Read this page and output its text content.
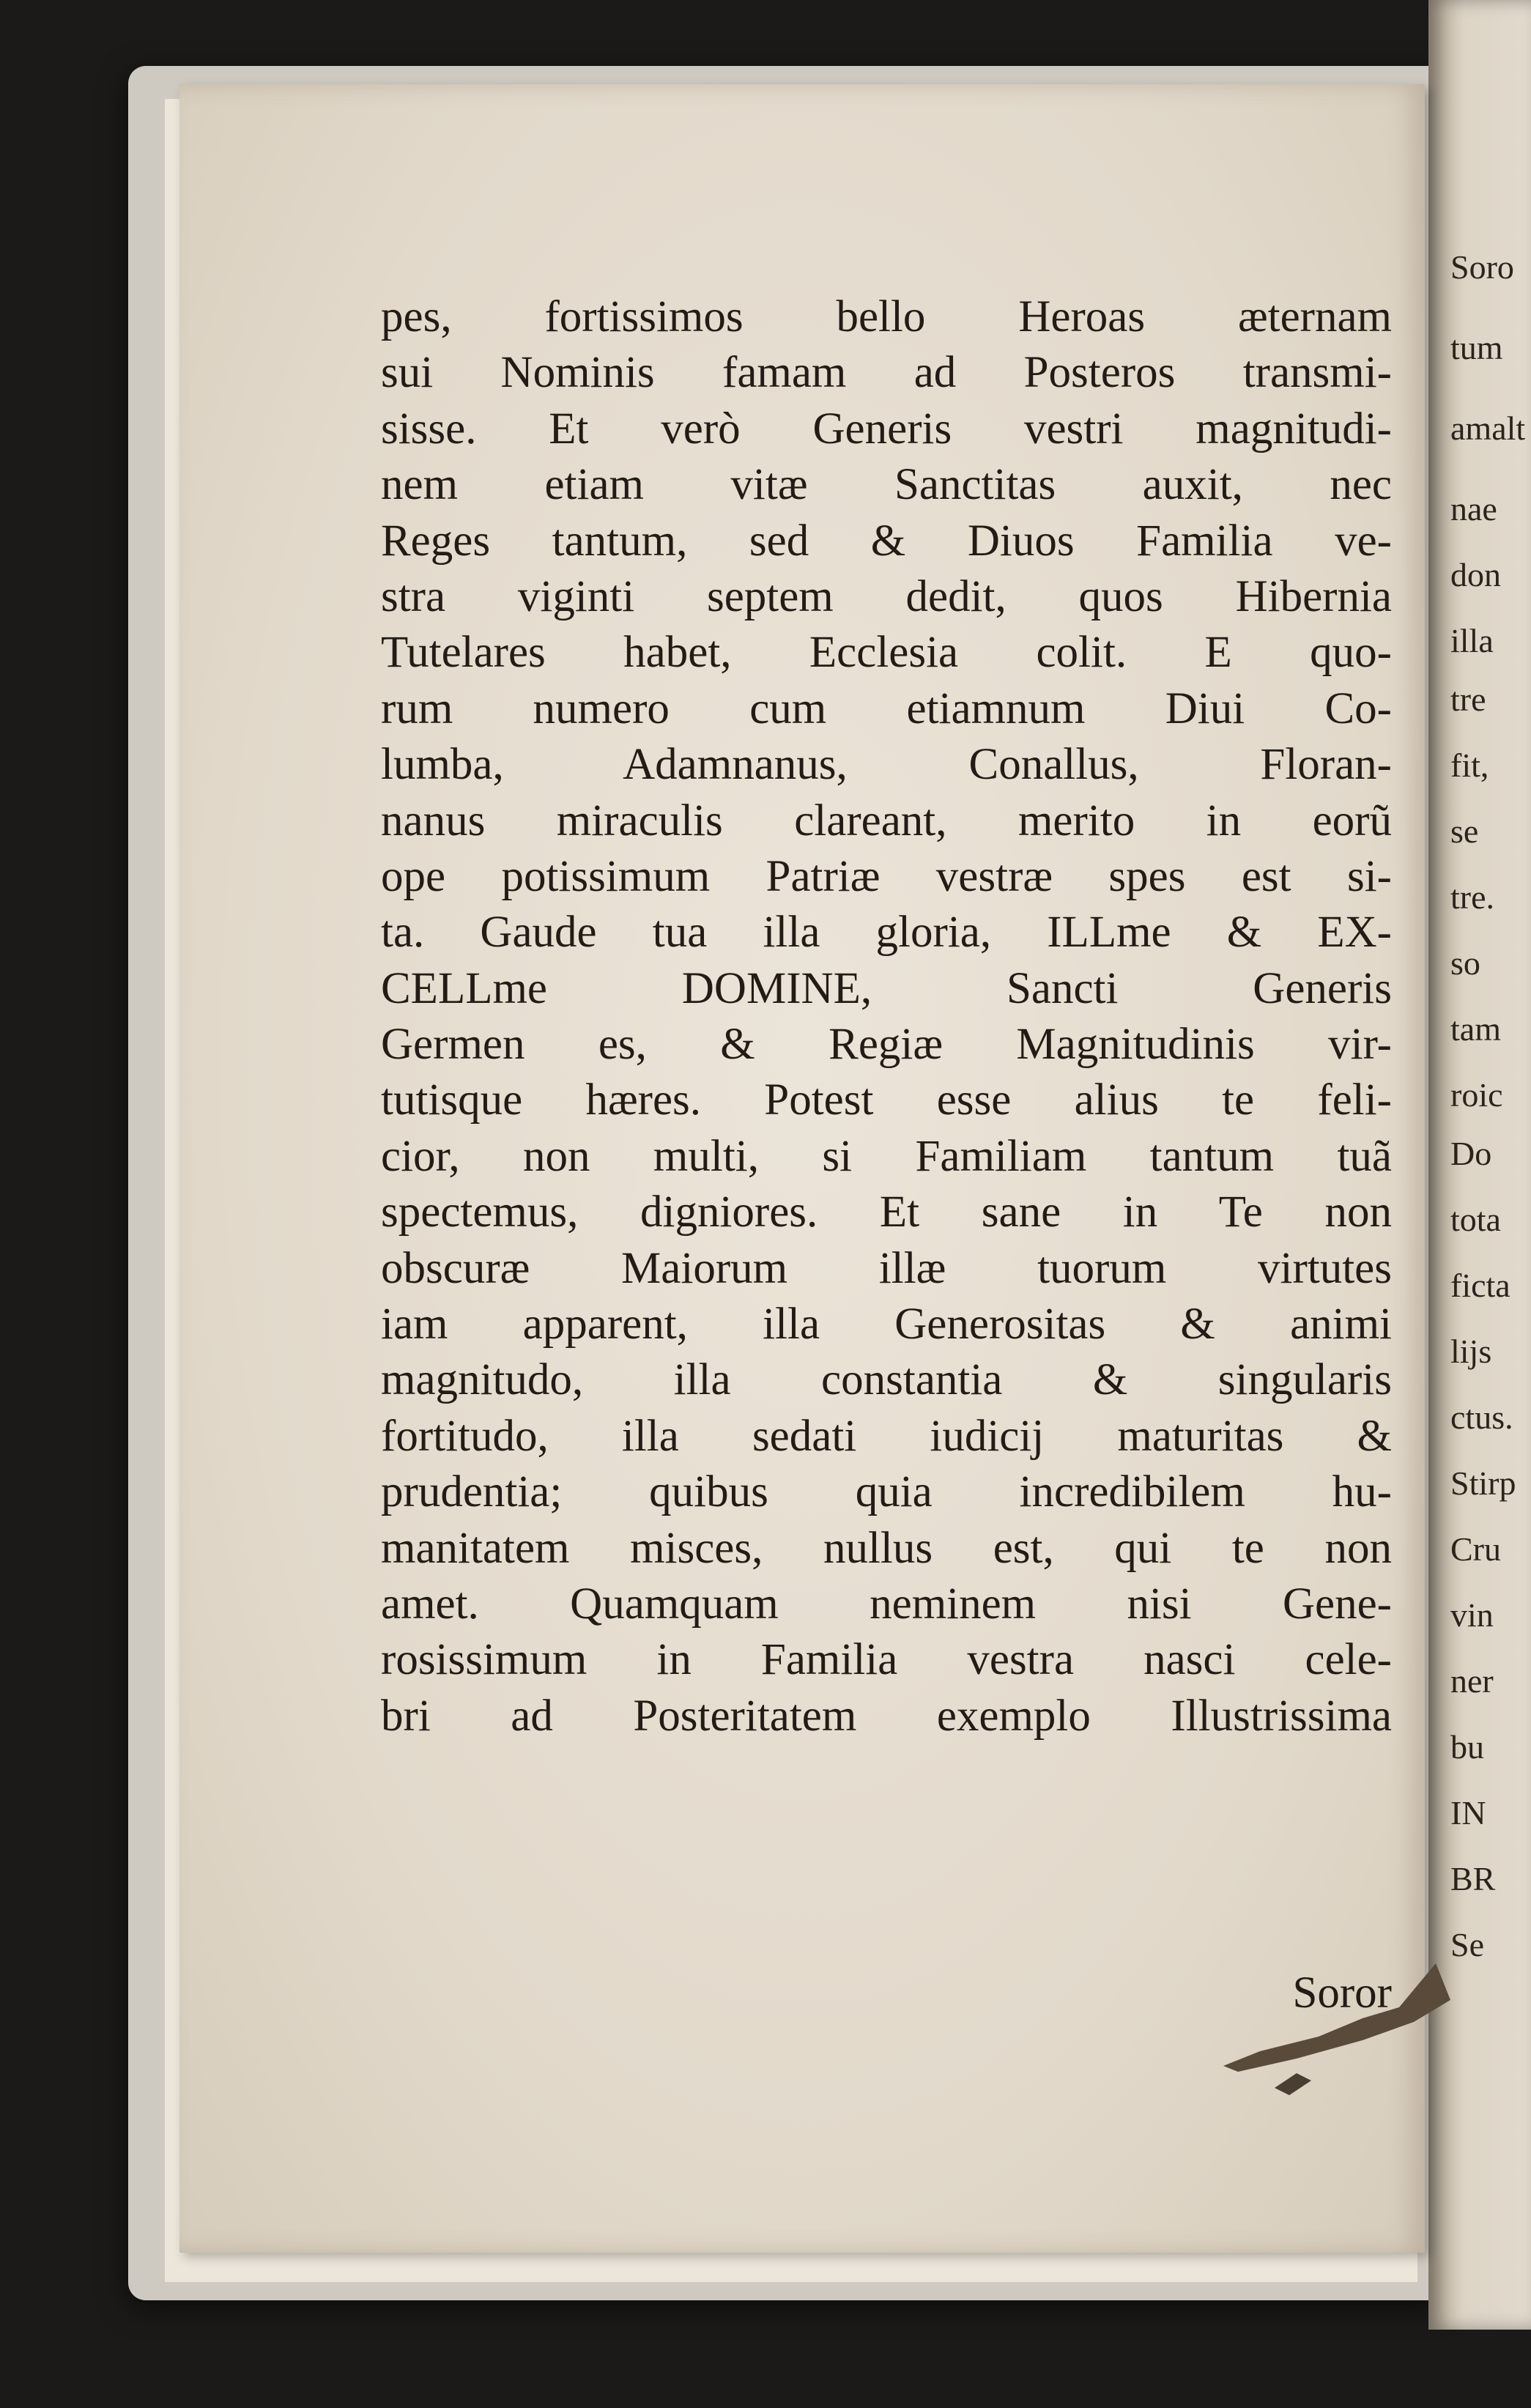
Soro
tum
amalt
nae
don
illa
tre
fit,
se
tre.
so
tam
roic
Do
tota
ficta
lijs
ctus.
Stirp
Cru
vin
ner
bu
IN
BR
Se
pes, fortissimos bello Heroas æternam
sui Nominis famam ad Posteros transmi-
sisse. Et verò Generis vestri magnitudi-
nem etiam vitæ Sanctitas auxit, nec
Reges tantum, sed & Diuos Familia ve-
stra viginti septem dedit, quos Hibernia
Tutelares habet, Ecclesia colit. E quo-
rum numero cum etiamnum Diui Co-
lumba, Adamnanus, Conallus, Floran-
nanus miraculis clareant, merito in eorũ
ope potissimum Patriæ vestræ spes est si-
ta. Gaude tua illa gloria, ILLme & EX-
CELLme DOMINE, Sancti Generis
Germen es, & Regiæ Magnitudinis vir-
tutisque hæres. Potest esse alius te feli-
cior, non multi, si Familiam tantum tuã
spectemus, digniores. Et sane in Te non
obscuræ Maiorum illæ tuorum virtutes
iam apparent, illa Generositas & animi
magnitudo, illa constantia & singularis
fortitudo, illa sedati iudicij maturitas &
prudentia; quibus quia incredibilem hu-
manitatem misces, nullus est, qui te non
amet. Quamquam neminem nisi Gene-
rosissimum in Familia vestra nasci cele-
bri ad Posteritatem exemplo Illustrissima
Soror
